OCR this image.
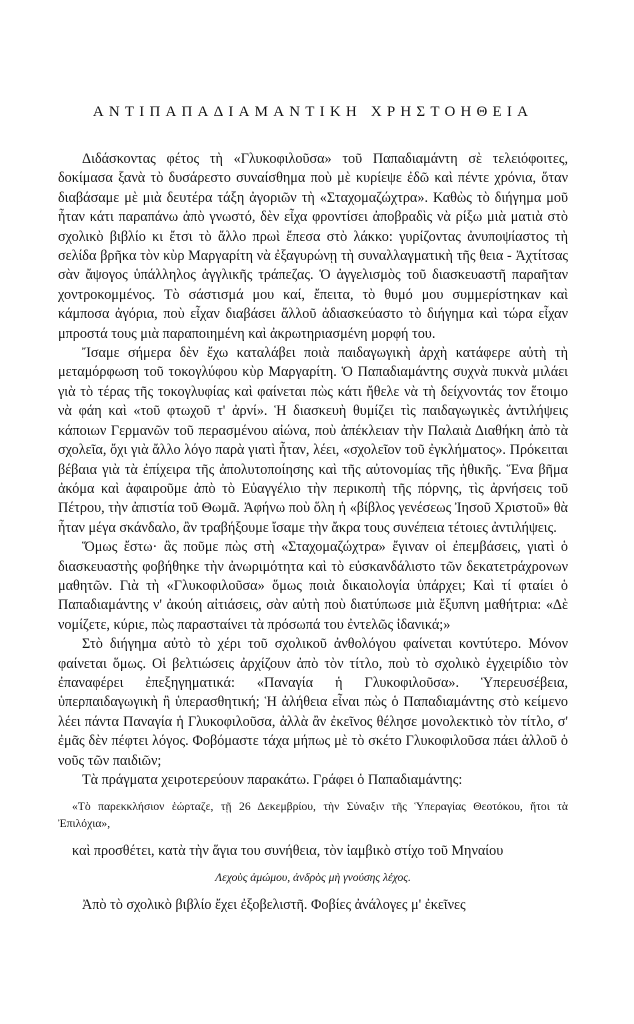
ΑΝΤΙΠΑΠΑΔΙΑΜΑΝΤΙΚΗ ΧΡΗΣΤΟΗΘΕΙΑ

Διδάσκοντας φέτος τὴ «Γλυκοφιλοῦσα» τοῦ Παπαδιαμάντη σὲ τελειόφοιτες, δοκίμασα ξανὰ τὸ δυσάρεστο συναίσθημα ποὺ μὲ κυρίεψε ἐδῶ καὶ πέντε χρόνια, ὅταν διαβάσαμε μὲ μιὰ δευτέρα τάξη ἀγοριῶν τὴ «Σταχομαζώχτρα». Καθὼς τὸ διήγημα μοῦ ἦταν κάτι παραπάνω ἀπὸ γνωστό, δὲν εἶχα φροντίσει ἀποβραδὶς νὰ ρίξω μιὰ ματιὰ στὸ σχολικὸ βιβλίο κι ἔτσι τὸ ἄλλο πρωὶ ἔπεσα στὸ λάκκο: γυρίζοντας ἀνυποψίαστος τὴ σελίδα βρῆκα τὸν κὺρ Μαργαρίτη νὰ ἐξαγυρώνῃ τὴ συναλλαγματικὴ τῆς θεια - Ἀχτίτσας σὰν ἄψογος ὑπάλληλος ἀγγλικῆς τράπεζας. Ὁ ἀγγελισμὸς τοῦ διασκευαστῆ παραῆταν χοντροκομμένος. Τὸ σάστισμά μου καί, ἔπειτα, τὸ θυμό μου συμμερίστηκαν καὶ κάμποσα ἀγόρια, ποὺ εἶχαν διαβάσει ἄλλοῦ ἀδιασκεύαστο τὸ διήγημα καὶ τώρα εἶχαν μπροστά τους μιὰ παραποιημένη καὶ ἀκρωτηριασμένη μορφή του.

Ἴσαμε σήμερα δὲν ἔχω καταλάβει ποιὰ παιδαγωγικὴ ἀρχὴ κατάφερε αὐτὴ τὴ μεταμόρφωση τοῦ τοκογλύφου κὺρ Μαργαρίτη. Ὁ Παπαδιαμάντης συχνὰ πυκνὰ μιλάει γιὰ τὸ τέρας τῆς τοκογλυφίας καὶ φαίνεται πὼς κάτι ἤθελε νὰ τὴ δείχνοντάς τον ἕτοιμο νὰ φάη καὶ «τοῦ φτωχοῦ τ' ἀρνί». Ἡ διασκευὴ θυμίζει τὶς παιδαγωγικὲς ἀντιλήψεις κάποιων Γερμανῶν τοῦ περασμένου αἰώνα, ποὺ ἀπέκλειαν τὴν Παλαιὰ Διαθήκη ἀπὸ τὰ σχολεῖα, ὄχι γιὰ ἄλλο λόγο παρὰ γιατὶ ἦταν, λέει, «σχολεῖον τοῦ ἐγκλήματος». Πρόκειται βέβαια γιὰ τὰ ἐπίχειρα τῆς ἀπολυτοποίησης καὶ τῆς αὐτονομίας τῆς ἠθικῆς. Ἕνα βῆμα ἀκόμα καὶ ἀφαιροῦμε ἀπὸ τὸ Εὐαγγέλιο τὴν περικοπὴ τῆς πόρνης, τὶς ἀρνήσεις τοῦ Πέτρου, τὴν ἀπιστία τοῦ Θωμᾶ. Ἀφήνω ποὺ ὅλη ἡ «βίβλος γενέσεως Ἰησοῦ Χριστοῦ» θὰ ἦταν μέγα σκάνδαλο, ἂν τραβήξουμε ἴσαμε τὴν ἄκρα τους συνέπεια τέτοιες ἀντιλήψεις.

Ὅμως ἔστω· ἂς ποῦμε πὼς στὴ «Σταχομαζώχτρα» ἔγιναν οἱ ἐπεμβάσεις, γιατὶ ὁ διασκευαστὴς φοβήθηκε τὴν ἀνωριμότητα καὶ τὸ εὐσκανδάλιστο τῶν δεκατετράχρονων μαθητῶν. Γιὰ τὴ «Γλυκοφιλοῦσα» ὅμως ποιὰ δικαιολογία ὑπάρχει; Καὶ τί φταίει ὁ Παπαδιαμάντης ν' ἀκούη αἰτιάσεις, σὰν αὐτὴ ποὺ διατύπωσε μιὰ ἔξυπνη μαθήτρια: «Δὲ νομίζετε, κύριε, πὼς παρασταίνει τὰ πρόσωπά του ἐντελῶς ἰδανικά;»

Στὸ διήγημα αὐτὸ τὸ χέρι τοῦ σχολικοῦ ἀνθολόγου φαίνεται κοντύτερο. Μόνον φαίνεται ὅμως. Οἱ βελτιώσεις ἀρχίζουν ἀπὸ τὸν τίτλο, ποὺ τὸ σχολικὸ ἐγχειρίδιο τὸν ἐπαναφέρει ἐπεξηγηματικά: «Παναγία ἡ Γλυκοφιλοῦσα». Ὑπερευσέβεια, ὑπερπαιδαγωγικὴ ἢ ὑπερασθητική; Ἡ ἀλήθεια εἶναι πὼς ὁ Παπαδιαμάντης στὸ κείμενο λέει πάντα Παναγία ἡ Γλυκοφιλοῦσα, ἀλλὰ ἂν ἐκεῖνος θέλησε μονολεκτικὸ τὸν τίτλο, σ' ἐμᾶς δὲν πέφτει λόγος. Φοβόμαστε τάχα μήπως μὲ τὸ σκέτο Γλυκοφιλοῦσα πάει ἀλλοῦ ὁ νοῦς τῶν παιδιῶν;

Τὰ πράγματα χειροτερεύουν παρακάτω. Γράφει ὁ Παπαδιαμάντης:

«Τὸ παρεκκλήσιον ἑώρταζε, τῇ 26 Δεκεμβρίου, τὴν Σύναξιν τῆς Ὑπεραγίας Θεοτόκου, ἤτοι τὰ Ἐπιλόχια»,

καὶ προσθέτει, κατὰ τὴν ἅγια του συνήθεια, τὸν ἰαμβικὸ στίχο τοῦ Μηναίου

Λεχοὺς ἀμώμου, ἀνδρὸς μὴ γνούσης λέχος.

Ἀπὸ τὸ σχολικὸ βιβλίο ἔχει ἐξοβελιστῆ. Φοβίες ἀνάλογες μ' ἐκεῖνες
